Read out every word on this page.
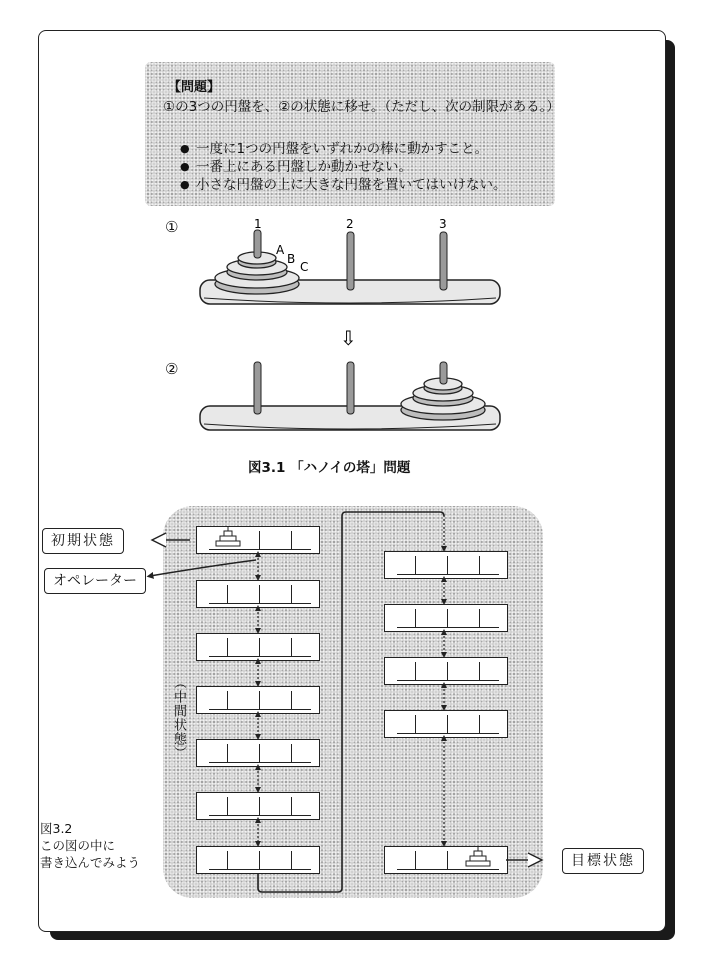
【問題】
①の3つの円盤を、②の状態に移せ。（ただし、次の制限がある。）
● 一度に1つの円盤をいずれかの棒に動かすこと。
● 一番上にある円盤しか動かせない。
● 小さな円盤の上に大きな円盤を置いてはいけない。
①
②
1	2	3
A
B
C
⇩
図3.1 「ハノイの塔」問題
初期状態
オペレーター
目標状態
（中間状態）
図3.2
この図の中に
書き込んでみよう
